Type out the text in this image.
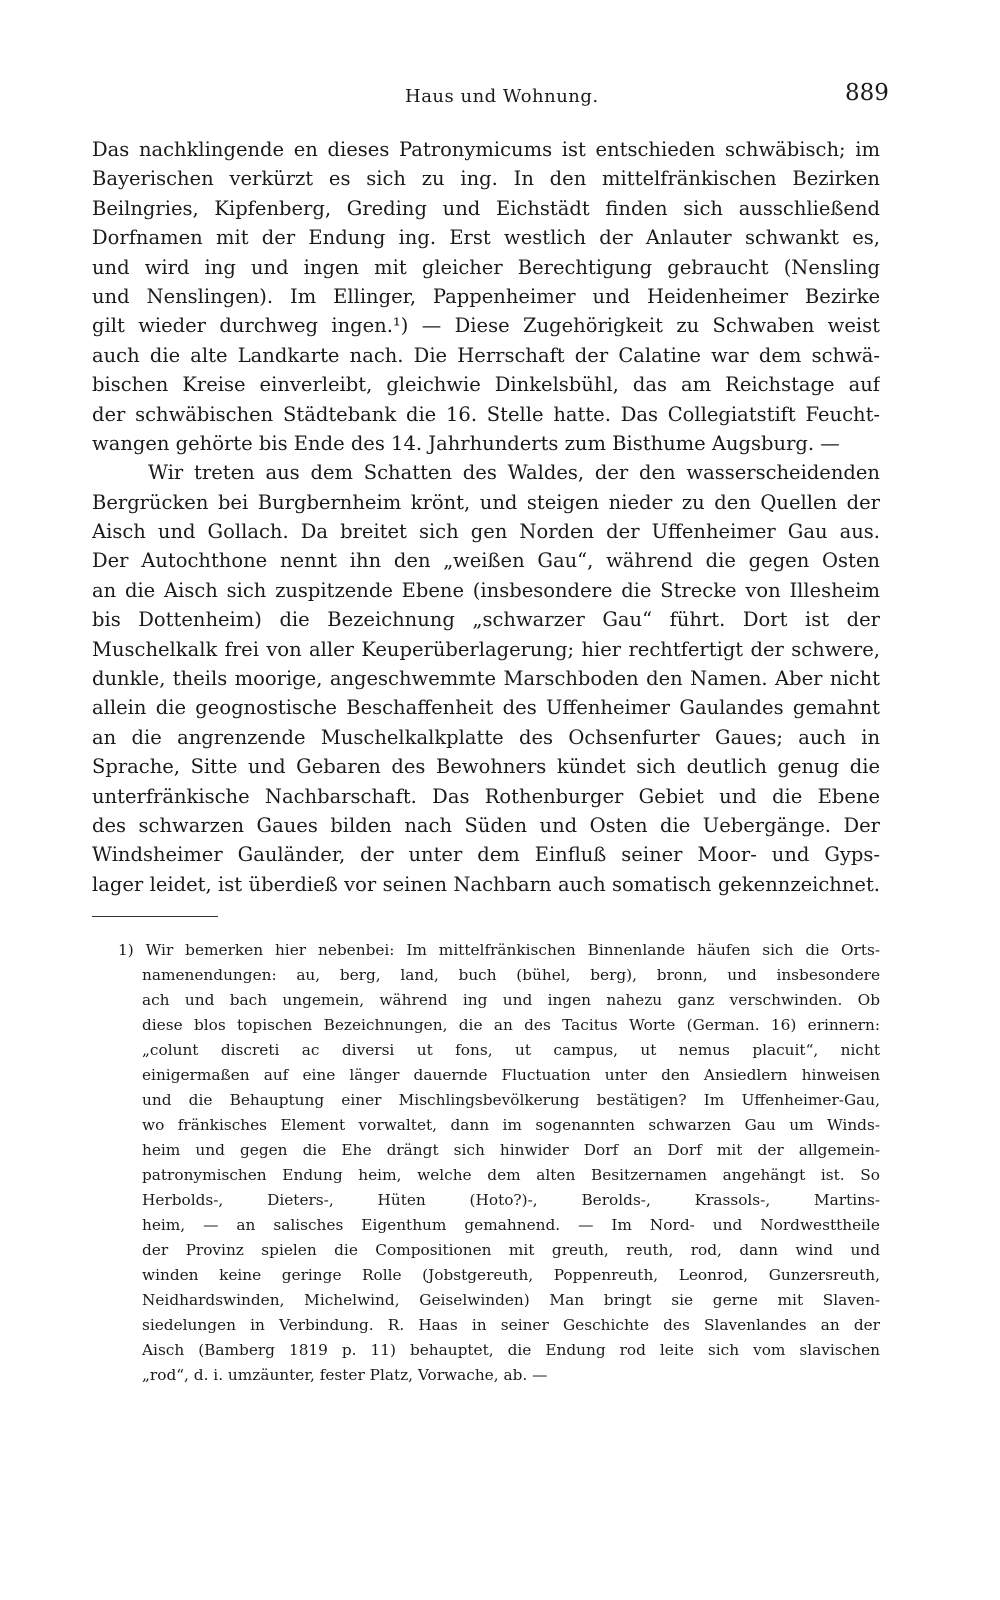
Haus und Wohnung.	889
Das nachklingende en dieses Patronymicums ist entschieden schwäbisch; im
Bayerischen verkürzt es sich zu ing. In den mittelfränkischen Bezirken
Beilngries, Kipfenberg, Greding und Eichstädt finden sich ausschließend
Dorfnamen mit der Endung ing. Erst westlich der Anlauter schwankt es,
und wird ing und ingen mit gleicher Berechtigung gebraucht (Nensling
und Nenslingen). Im Ellinger, Pappenheimer und Heidenheimer Bezirke
gilt wieder durchweg ingen.¹) — Diese Zugehörigkeit zu Schwaben weist
auch die alte Landkarte nach. Die Herrschaft der Calatine war dem schwä-
bischen Kreise einverleibt, gleichwie Dinkelsbühl, das am Reichstage auf
der schwäbischen Städtebank die 16. Stelle hatte. Das Collegiatstift Feucht-
wangen gehörte bis Ende des 14. Jahrhunderts zum Bisthume Augsburg. —
Wir treten aus dem Schatten des Waldes, der den wasserscheidenden
Bergrücken bei Burgbernheim krönt, und steigen nieder zu den Quellen der
Aisch und Gollach. Da breitet sich gen Norden der Uffenheimer Gau aus.
Der Autochthone nennt ihn den „weißen Gau“, während die gegen Osten
an die Aisch sich zuspitzende Ebene (insbesondere die Strecke von Illesheim
bis Dottenheim) die Bezeichnung „schwarzer Gau“ führt. Dort ist der
Muschelkalk frei von aller Keuperüberlagerung; hier rechtfertigt der schwere,
dunkle, theils moorige, angeschwemmte Marschboden den Namen. Aber nicht
allein die geognostische Beschaffenheit des Uffenheimer Gaulandes gemahnt
an die angrenzende Muschelkalkplatte des Ochsenfurter Gaues; auch in
Sprache, Sitte und Gebaren des Bewohners kündet sich deutlich genug die
unterfränkische Nachbarschaft. Das Rothenburger Gebiet und die Ebene
des schwarzen Gaues bilden nach Süden und Osten die Uebergänge. Der
Windsheimer Gauländer, der unter dem Einfluß seiner Moor- und Gyps-
lager leidet, ist überdieß vor seinen Nachbarn auch somatisch gekennzeichnet.
1) Wir bemerken hier nebenbei: Im mittelfränkischen Binnenlande häufen sich die Orts-
namenendungen: au, berg, land, buch (bühel, berg), bronn, und insbesondere
ach und bach ungemein, während ing und ingen nahezu ganz verschwinden. Ob
diese blos topischen Bezeichnungen, die an des Tacitus Worte (German. 16) erinnern:
„colunt discreti ac diversi ut fons, ut campus, ut nemus placuit“, nicht
einigermaßen auf eine länger dauernde Fluctuation unter den Ansiedlern hinweisen
und die Behauptung einer Mischlingsbevölkerung bestätigen? Im Uffenheimer-Gau,
wo fränkisches Element vorwaltet, dann im sogenannten schwarzen Gau um Winds-
heim und gegen die Ehe drängt sich hinwider Dorf an Dorf mit der allgemein-
patronymischen Endung heim, welche dem alten Besitzernamen angehängt ist. So
Herbolds-, Dieters-, Hüten (Hoto?)-, Berolds-, Krassols-, Martins-
heim, — an salisches Eigenthum gemahnend. — Im Nord- und Nordwesttheile
der Provinz spielen die Compositionen mit greuth, reuth, rod, dann wind und
winden keine geringe Rolle (Jobstgereuth, Poppenreuth, Leonrod, Gunzersreuth,
Neidhardswinden, Michelwind, Geiselwinden) Man bringt sie gerne mit Slaven-
siedelungen in Verbindung. R. Haas in seiner Geschichte des Slavenlandes an der
Aisch (Bamberg 1819 p. 11) behauptet, die Endung rod leite sich vom slavischen
„rod“, d. i. umzäunter, fester Platz, Vorwache, ab. —
